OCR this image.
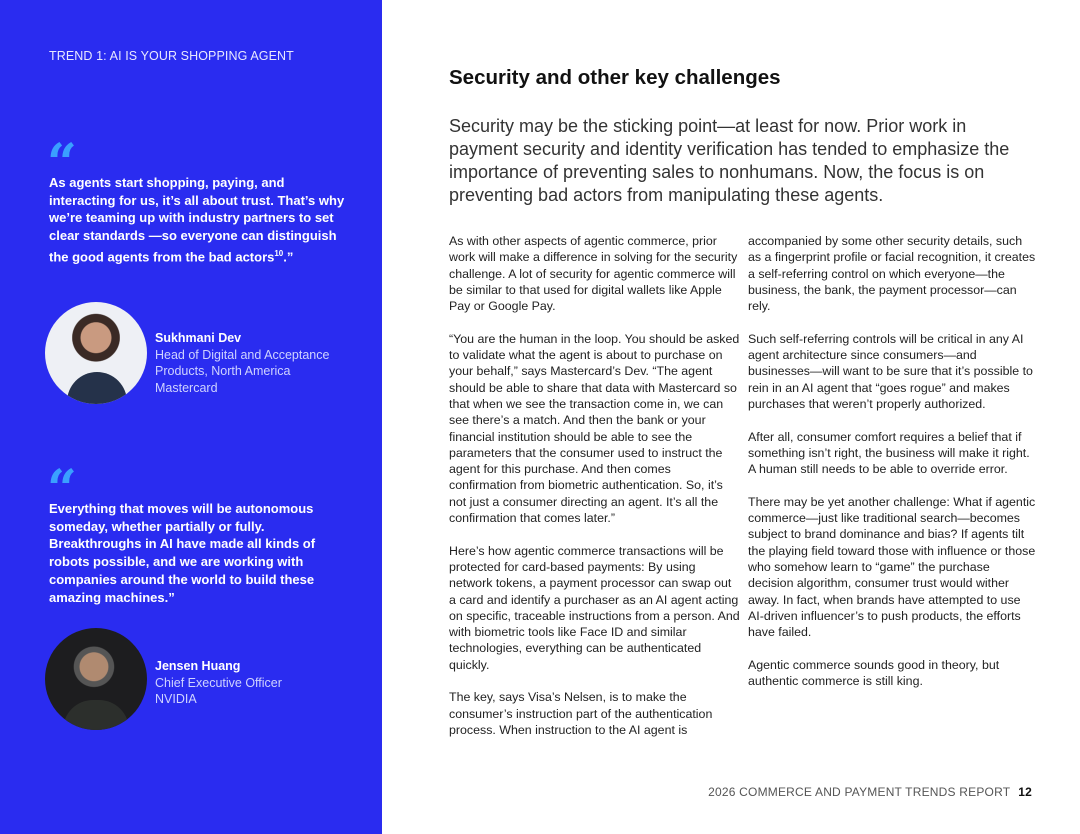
TREND 1: AI IS YOUR SHOPPING AGENT
“
As agents start shopping, paying, and interacting for us, it’s all about trust. That’s why we’re teaming up with industry partners to set clear standards —so everyone can distinguish the good agents from the bad actors$^{10}$.”
Sukhmani Dev
Head of Digital and Acceptance Products, North America
Mastercard
“
Everything that moves will be autonomous someday, whether partially or fully. Breakthroughs in AI have made all kinds of robots possible, and we are working with companies around the world to build these amazing machines.”
Jensen Huang
Chief Executive Officer
NVIDIA
Security and other key challenges
Security may be the sticking point—at least for now. Prior work in payment security and identity verification has tended to emphasize the importance of preventing sales to nonhumans. Now, the focus is on preventing bad actors from manipulating these agents.

As with other aspects of agentic commerce, prior work will make a difference in solving for the security challenge. A lot of security for agentic commerce will be similar to that used for digital wallets like Apple Pay or Google Pay.

“You are the human in the loop. You should be asked to validate what the agent is about to purchase on your behalf,” says Mastercard’s Dev. “The agent should be able to share that data with Mastercard so that when we see the transaction come in, we can see there’s a match. And then the bank or your financial institution should be able to see the parameters that the consumer used to instruct the agent for this purchase. And then comes confirmation from biometric authentication. So, it’s not just a consumer directing an agent. It’s all the confirmation that comes later.”

Here’s how agentic commerce transactions will be protected for card-based payments: By using network tokens, a payment processor can swap out a card and identify a purchaser as an AI agent acting on specific, traceable instructions from a person. And with biometric tools like Face ID and similar technologies, everything can be authenticated quickly.

The key, says Visa’s Nelsen, is to make the consumer’s instruction part of the authentication process. When instruction to the AI agent is

accompanied by some other security details, such as a fingerprint profile or facial recognition, it creates a self-referring control on which everyone—the business, the bank, the payment processor—can rely.

Such self-referring controls will be critical in any AI agent architecture since consumers—and businesses—will want to be sure that it’s possible to rein in an AI agent that “goes rogue” and makes purchases that weren’t properly authorized.

After all, consumer comfort requires a belief that if something isn’t right, the business will make it right. A human still needs to be able to override error.

There may be yet another challenge: What if agentic commerce—just like traditional search—becomes subject to brand dominance and bias? If agents tilt the playing field toward those with influence or those who somehow learn to “game” the purchase decision algorithm, consumer trust would wither away. In fact, when brands have attempted to use AI-driven influencer’s to push products, the efforts have failed.

Agentic commerce sounds good in theory, but authentic commerce is still king.

2026 COMMERCE AND PAYMENT TRENDS REPORT 12
